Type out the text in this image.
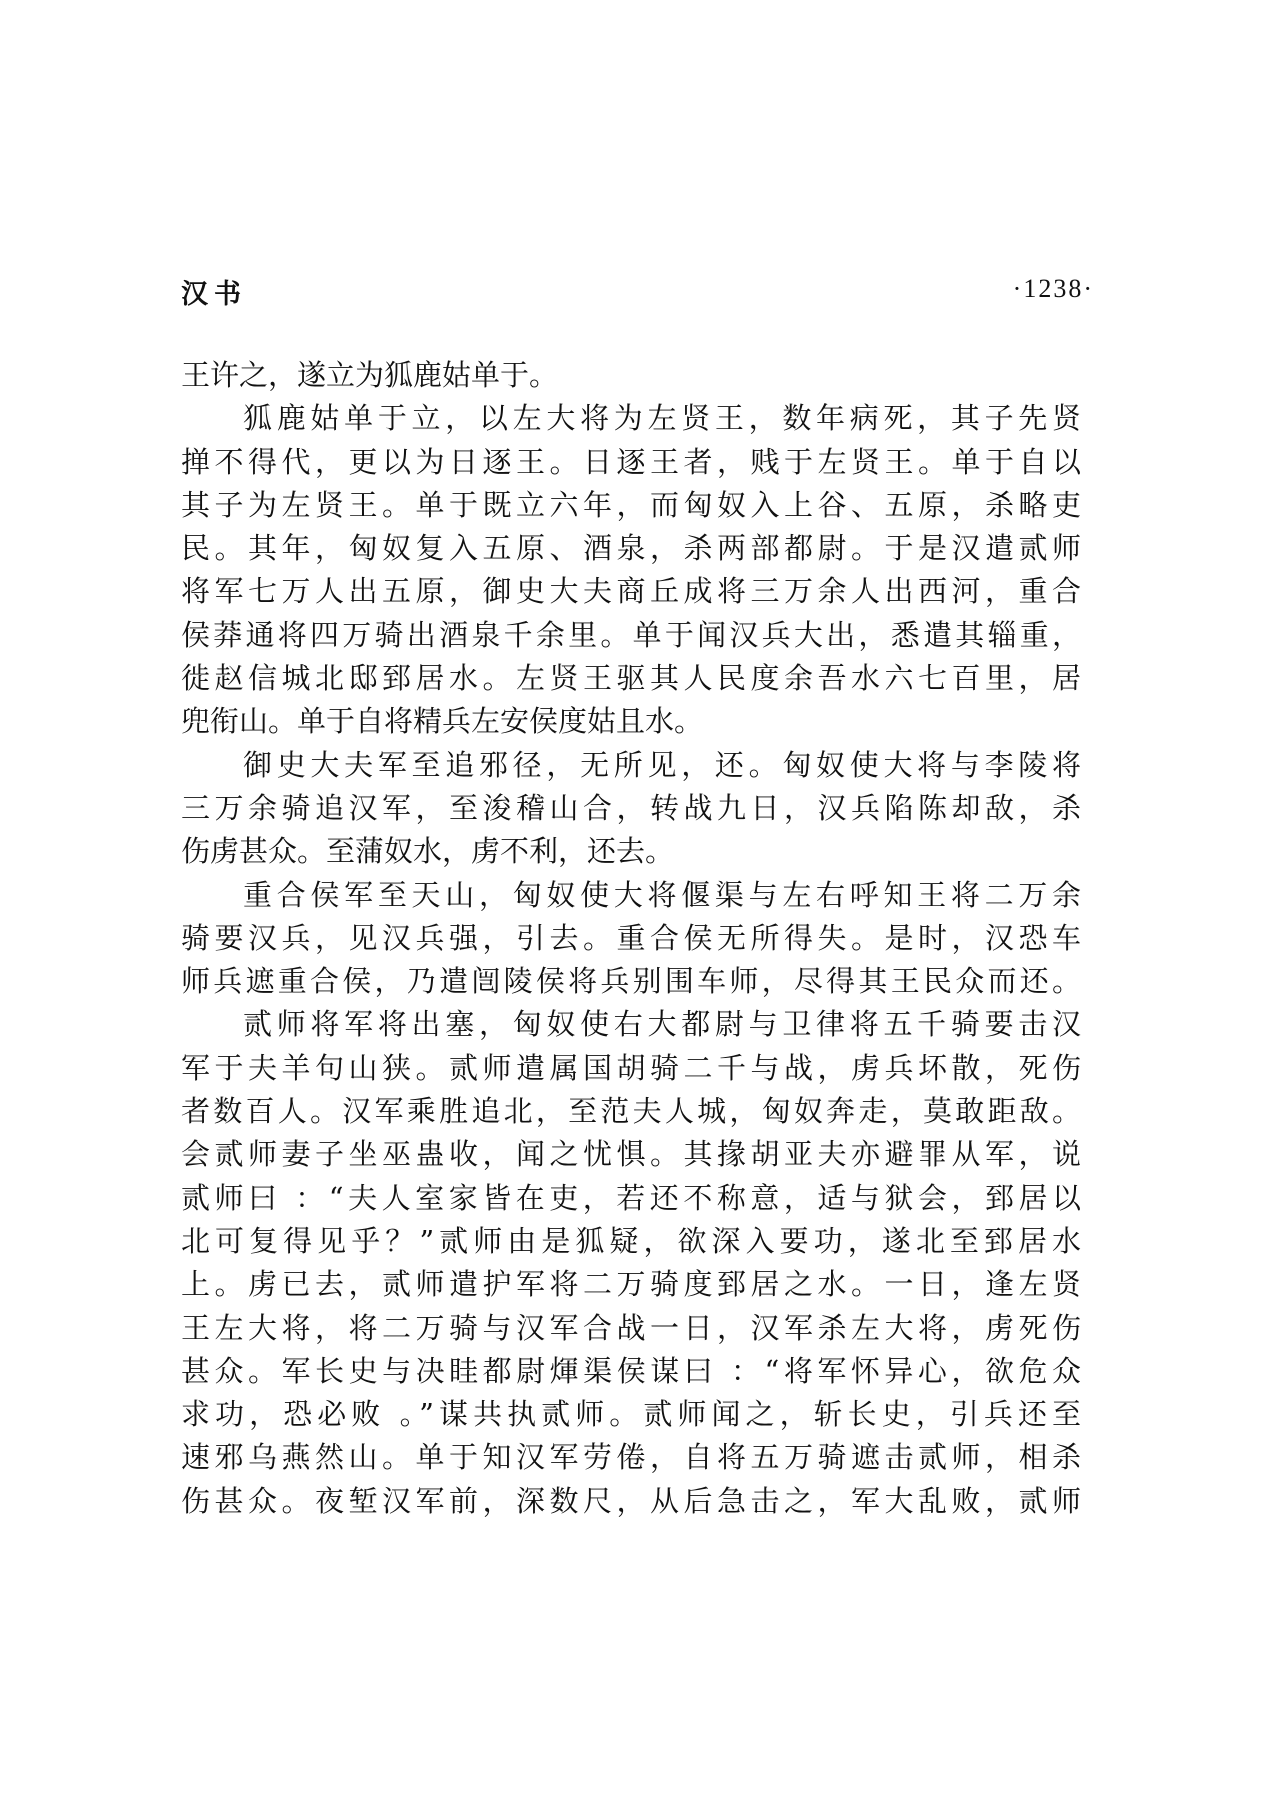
汉书	·1238·
王许之，遂立为狐鹿姑单于。
狐鹿姑单于立，以左大将为左贤王，数年病死，其子先贤
掸不得代，更以为日逐王。日逐王者，贱于左贤王。单于自以
其子为左贤王。单于既立六年，而匈奴入上谷、五原，杀略吏
民。其年，匈奴复入五原、酒泉，杀两部都尉。于是汉遣贰师
将军七万人出五原，御史大夫商丘成将三万余人出西河，重合
侯莽通将四万骑出酒泉千余里。单于闻汉兵大出，悉遣其辎重，
徙赵信城北邸郅居水。左贤王驱其人民度余吾水六七百里，居
兜衔山。单于自将精兵左安侯度姑且水。
御史大夫军至追邪径，无所见，还。匈奴使大将与李陵将
三万余骑追汉军，至浚稽山合，转战九日，汉兵陷陈却敌，杀
伤虏甚众。至蒲奴水，虏不利，还去。
重合侯军至天山，匈奴使大将偃渠与左右呼知王将二万余
骑要汉兵，见汉兵强，引去。重合侯无所得失。是时，汉恐车
师兵遮重合侯，乃遣闿陵侯将兵别围车师，尽得其王民众而还。
贰师将军将出塞，匈奴使右大都尉与卫律将五千骑要击汉
军于夫羊句山狭。贰师遣属国胡骑二千与战，虏兵坏散，死伤
者数百人。汉军乘胜追北，至范夫人城，匈奴奔走，莫敢距敌。
会贰师妻子坐巫蛊收，闻之忧惧。其掾胡亚夫亦避罪从军，说
贰师曰 ：“夫人室家皆在吏，若还不称意，适与狱会，郅居以
北可复得见乎？”贰师由是狐疑，欲深入要功，遂北至郅居水
上。虏已去，贰师遣护军将二万骑度郅居之水。一日，逢左贤
王左大将，将二万骑与汉军合战一日，汉军杀左大将，虏死伤
甚众。军长史与决眭都尉煇渠侯谋曰 ：“将军怀异心，欲危众
求功，恐必败 。”谋共执贰师。贰师闻之，斩长史，引兵还至
速邪乌燕然山。单于知汉军劳倦，自将五万骑遮击贰师，相杀
伤甚众。夜堑汉军前，深数尺，从后急击之，军大乱败，贰师
